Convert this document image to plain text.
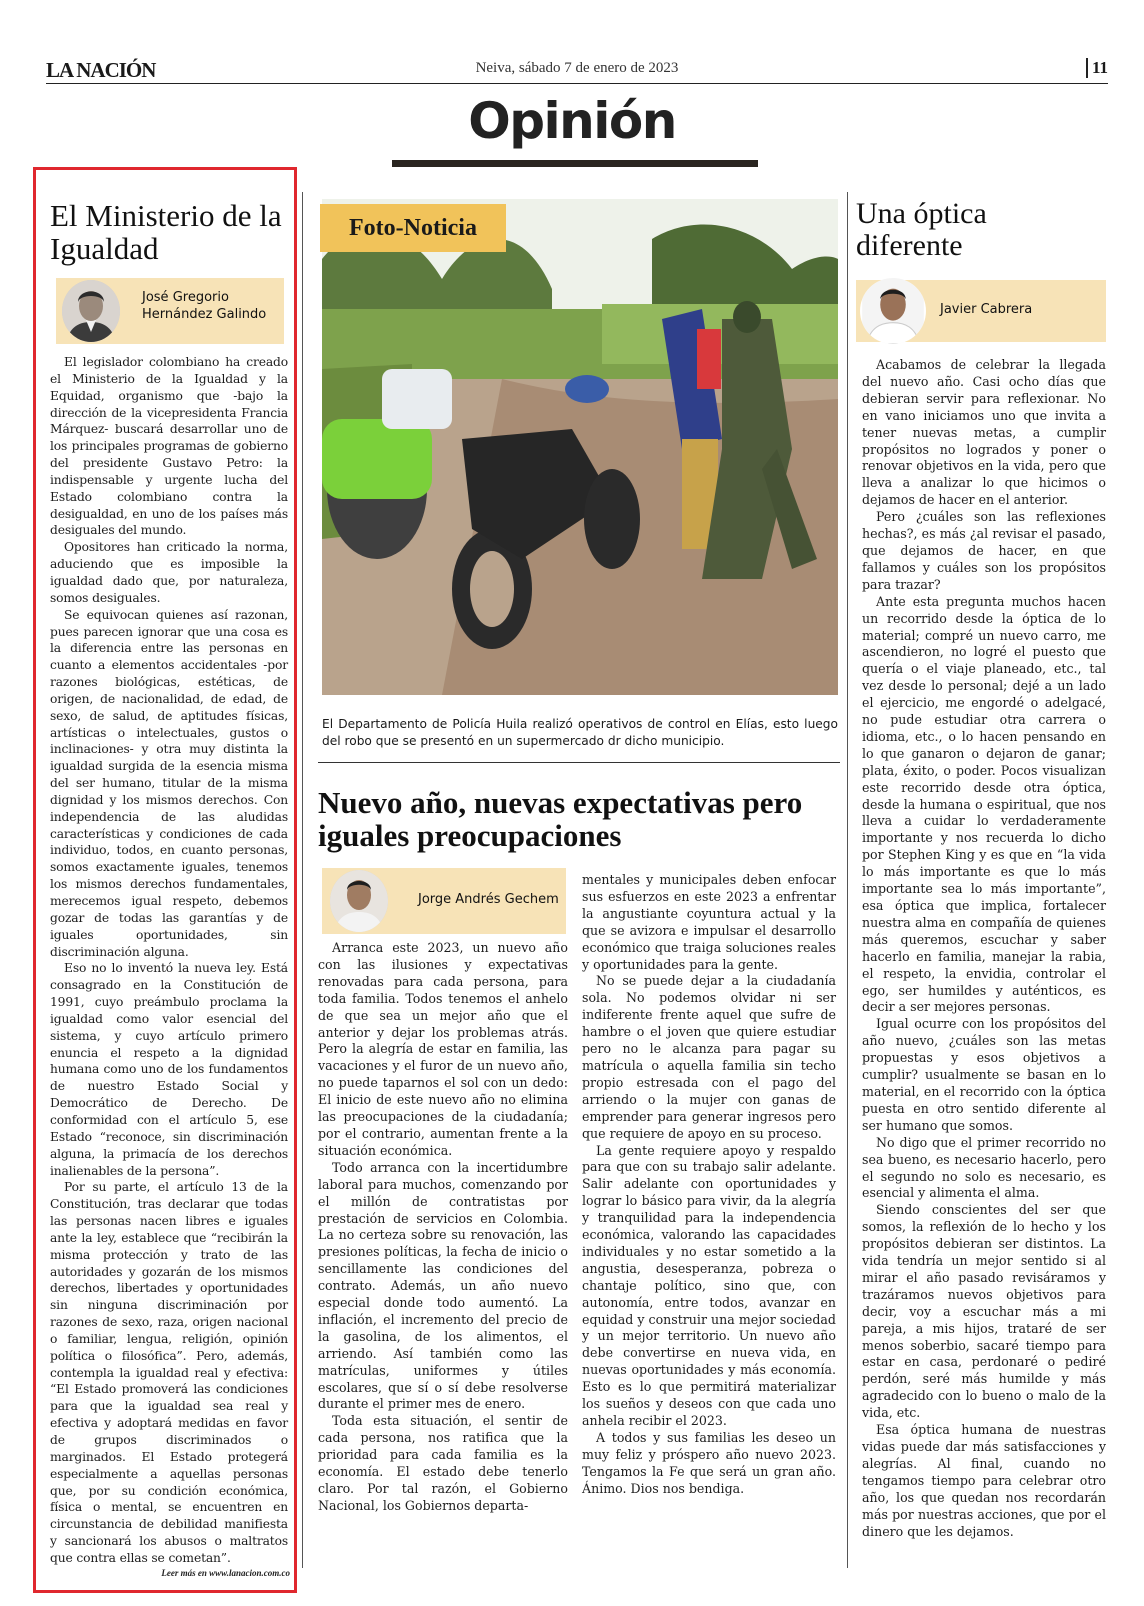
LA NACIÓN	Neiva, sábado 7 de enero de 2023	11
Opinión
El Ministerio de la Igualdad
José Gregorio Hernández Galindo

El legislador colombiano ha creado el Ministerio de la Igualdad y la Equidad, organismo que -bajo la dirección de la vicepresidenta Francia Márquez- buscará desarrollar uno de los principales programas de gobierno del presidente Gustavo Petro: la indispensable y urgente lucha del Estado colombiano contra la desigualdad, en uno de los países más desiguales del mundo.

Opositores han criticado la norma, aduciendo que es imposible la igualdad dado que, por naturaleza, somos desiguales.

Se equivocan quienes así razonan, pues parecen ignorar que una cosa es la diferencia entre las personas en cuanto a elementos accidentales -por razones biológicas, estéticas, de origen, de nacionalidad, de edad, de sexo, de salud, de aptitudes físicas, artísticas o intelectuales, gustos o inclinaciones- y otra muy distinta la igualdad surgida de la esencia misma del ser humano, titular de la misma dignidad y los mismos derechos. Con independencia de las aludidas características y condiciones de cada individuo, todos, en cuanto personas, somos exactamente iguales, tenemos los mismos derechos fundamentales, merecemos igual respeto, debemos gozar de todas las garantías y de iguales oportunidades, sin discriminación alguna.

Eso no lo inventó la nueva ley. Está consagrado en la Constitución de 1991, cuyo preámbulo proclama la igualdad como valor esencial del sistema, y cuyo artículo primero enuncia el respeto a la dignidad humana como uno de los fundamentos de nuestro Estado Social y Democrático de Derecho. De conformidad con el artículo 5, ese Estado “reconoce, sin discriminación alguna, la primacía de los derechos inalienables de la persona”.

Por su parte, el artículo 13 de la Constitución, tras declarar que todas las personas nacen libres e iguales ante la ley, establece que “recibirán la misma protección y trato de las autoridades y gozarán de los mismos derechos, libertades y oportunidades sin ninguna discriminación por razones de sexo, raza, origen nacional o familiar, lengua, religión, opinión política o filosófica”. Pero, además, contempla la igualdad real y efectiva: “El Estado promoverá las condiciones para que la igualdad sea real y efectiva y adoptará medidas en favor de grupos discriminados o marginados. El Estado protegerá especialmente a aquellas personas que, por su condición económica, física o mental, se encuentren en circunstancia de debilidad manifiesta y sancionará los abusos o maltratos que contra ellas se cometan”.

Leer más en www.lanacion.com.co
Foto-Noticia
El Departamento de Policía Huila realizó operativos de control en Elías, esto luego del robo que se presentó en un supermercado dr dicho municipio.
Nuevo año, nuevas expectativas pero iguales preocupaciones
Jorge Andrés Gechem

Arranca este 2023, un nuevo año con las ilusiones y expectativas renovadas para cada persona, para toda familia. Todos tenemos el anhelo de que sea un mejor año que el anterior y dejar los problemas atrás. Pero la alegría de estar en familia, las vacaciones y el furor de un nuevo año, no puede taparnos el sol con un dedo: El inicio de este nuevo año no elimina las preocupaciones de la ciudadanía; por el contrario, aumentan frente a la situación económica.

Todo arranca con la incertidumbre laboral para muchos, comenzando por el millón de contratistas por prestación de servicios en Colombia. La no certeza sobre su renovación, las presiones políticas, la fecha de inicio o sencillamente las condiciones del contrato. Además, un año nuevo especial donde todo aumentó. La inflación, el incremento del precio de la gasolina, de los alimentos, el arriendo. Así también como las matrículas, uniformes y útiles escolares, que sí o sí debe resolverse durante el primer mes de enero.

Toda esta situación, el sentir de cada persona, nos ratifica que la prioridad para cada familia es la economía. El estado debe tenerlo claro. Por tal razón, el Gobierno Nacional, los Gobiernos departa-

mentales y municipales deben enfocar sus esfuerzos en este 2023 a enfrentar la angustiante coyuntura actual y la que se avizora e impulsar el desarrollo económico que traiga soluciones reales y oportunidades para la gente.

No se puede dejar a la ciudadanía sola. No podemos olvidar ni ser indiferente frente aquel que sufre de hambre o el joven que quiere estudiar pero no le alcanza para pagar su matrícula o aquella familia sin techo propio estresada con el pago del arriendo o la mujer con ganas de emprender para generar ingresos pero que requiere de apoyo en su proceso.

La gente requiere apoyo y respaldo para que con su trabajo salir adelante. Salir adelante con oportunidades y lograr lo básico para vivir, da la alegría y tranquilidad para la independencia económica, valorando las capacidades individuales y no estar sometido a la angustia, desesperanza, pobreza o chantaje político, sino que, con autonomía, entre todos, avanzar en equidad y construir una mejor sociedad y un mejor territorio. Un nuevo año debe convertirse en nueva vida, en nuevas oportunidades y más economía. Esto es lo que permitirá materializar los sueños y deseos con que cada uno anhela recibir el 2023.

A todos y sus familias les deseo un muy feliz y próspero año nuevo 2023. Tengamos la Fe que será un gran año. Ánimo. Dios nos bendiga.

Una óptica diferente
Javier Cabrera

Acabamos de celebrar la llegada del nuevo año. Casi ocho días que debieran servir para reflexionar. No en vano iniciamos uno que invita a tener nuevas metas, a cumplir propósitos no logrados y poner o renovar objetivos en la vida, pero que lleva a analizar lo que hicimos o dejamos de hacer en el anterior.

Pero ¿cuáles son las reflexiones hechas?, es más ¿al revisar el pasado, que dejamos de hacer, en que fallamos y cuáles son los propósitos para trazar?

Ante esta pregunta muchos hacen un recorrido desde la óptica de lo material; compré un nuevo carro, me ascendieron, no logré el puesto que quería o el viaje planeado, etc., tal vez desde lo personal; dejé a un lado el ejercicio, me engordé o adelgacé, no pude estudiar otra carrera o idioma, etc., o lo hacen pensando en lo que ganaron o dejaron de ganar; plata, éxito, o poder. Pocos visualizan este recorrido desde otra óptica, desde la humana o espiritual, que nos lleva a cuidar lo verdaderamente importante y nos recuerda lo dicho por Stephen King y es que en “la vida lo más importante es que lo más importante sea lo más importante”, esa óptica que implica, fortalecer nuestra alma en compañía de quienes más queremos, escuchar y saber hacerlo en familia, manejar la rabia, el respeto, la envidia, controlar el ego, ser humildes y auténticos, es decir a ser mejores personas.

Igual ocurre con los propósitos del año nuevo, ¿cuáles son las metas propuestas y esos objetivos a cumplir? usualmente se basan en lo material, en el recorrido con la óptica puesta en otro sentido diferente al ser humano que somos.

No digo que el primer recorrido no sea bueno, es necesario hacerlo, pero el segundo no solo es necesario, es esencial y alimenta el alma.

Siendo conscientes del ser que somos, la reflexión de lo hecho y los propósitos debieran ser distintos. La vida tendría un mejor sentido si al mirar el año pasado revisáramos y trazáramos nuevos objetivos para decir, voy a escuchar más a mi pareja, a mis hijos, trataré de ser menos soberbio, sacaré tiempo para estar en casa, perdonaré o pediré perdón, seré más humilde y más agradecido con lo bueno o malo de la vida, etc.

Esa óptica humana de nuestras vidas puede dar más satisfacciones y alegrías. Al final, cuando no tengamos tiempo para celebrar otro año, los que quedan nos recordarán más por nuestras acciones, que por el dinero que les dejamos.
